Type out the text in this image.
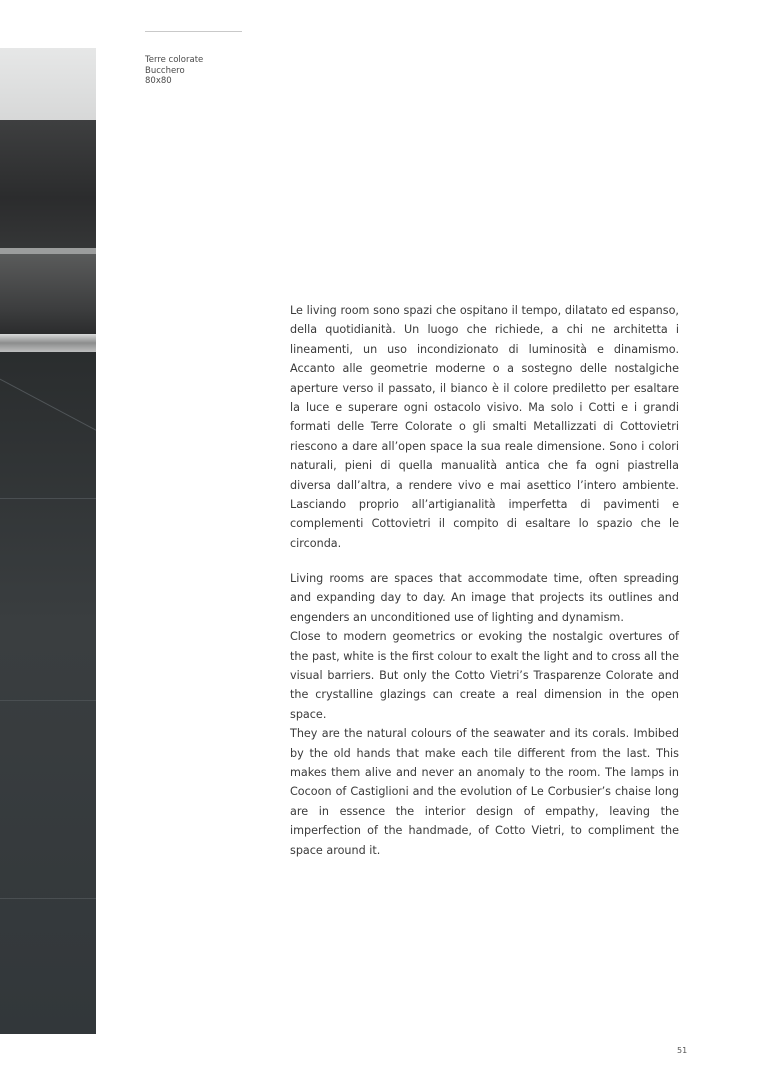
Terre colorate
Bucchero
80x80

Le living room sono spazi che ospitano il tempo, dilatato ed espanso, della quotidianità. Un luogo che richiede, a chi ne architetta i lineamenti, un uso incondizionato di luminosità e dinamismo. Accanto alle geometrie moderne o a sostegno delle nostalgiche aperture verso il passato, il bianco è il colore prediletto per esaltare la luce e superare ogni ostacolo visivo. Ma solo i Cotti e i grandi formati delle Terre Colorate o gli smalti Metallizzati di Cottovietri riescono a dare all’open space la sua reale dimensione. Sono i colori naturali, pieni di quella manualità antica che fa ogni piastrella diversa dall’altra, a rendere vivo e mai asettico l’intero ambiente. Lasciando proprio all’artigianalità imperfetta di pavimenti e complementi Cottovietri il compito di esaltare lo spazio che le circonda.

Living rooms are spaces that accommodate time, often spreading and expanding day to day. An image that projects its outlines and engenders an unconditioned use of lighting and dynamism.

Close to modern geometrics or evoking the nostalgic overtures of the past, white is the first colour to exalt the light and to cross all the visual barriers. But only the Cotto Vietri’s Trasparenze Colorate and the crystalline glazings can create a real dimension in the open space.

They are the natural colours of the seawater and its corals. Imbibed by the old hands that make each tile different from the last. This makes them alive and never an anomaly to the room. The lamps in Cocoon of Castiglioni and the evolution of Le Corbusier’s chaise long are in essence the interior design of empathy, leaving the imperfection of the handmade, of Cotto Vietri, to compliment the space around it.

51
